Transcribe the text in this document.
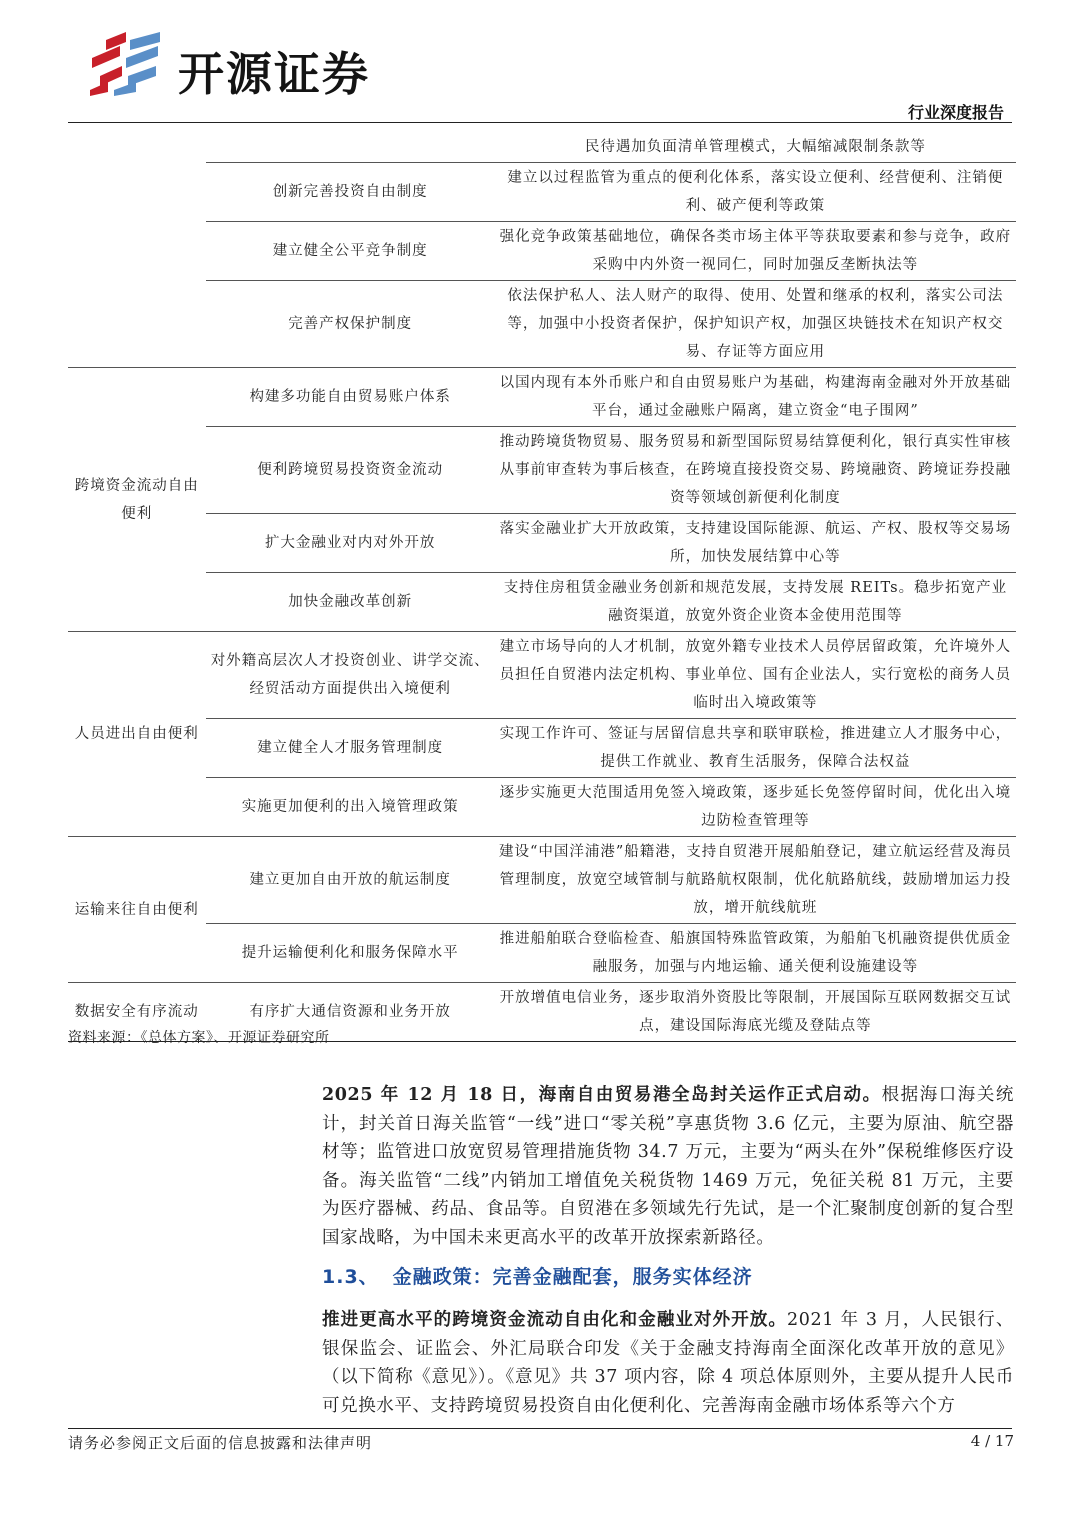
开源证券
行业深度报告
		民待遇加负面清单管理模式，大幅缩减限制条款等
	创新完善投资自由制度	建立以过程监管为重点的便利化体系，落实设立便利、经营便利、注销便利、破产便利等政策
	建立健全公平竞争制度	强化竞争政策基础地位，确保各类市场主体平等获取要素和参与竞争，政府采购中内外资一视同仁，同时加强反垄断执法等
	完善产权保护制度	依法保护私人、法人财产的取得、使用、处置和继承的权利，落实公司法等，加强中小投资者保护，保护知识产权，加强区块链技术在知识产权交易、存证等方面应用
跨境资金流动自由便利	构建多功能自由贸易账户体系	以国内现有本外币账户和自由贸易账户为基础，构建海南金融对外开放基础平台，通过金融账户隔离，建立资金“电子围网”
	便利跨境贸易投资资金流动	推动跨境货物贸易、服务贸易和新型国际贸易结算便利化，银行真实性审核从事前审查转为事后核查，在跨境直接投资交易、跨境融资、跨境证券投融资等领域创新便利化制度
	扩大金融业对内对外开放	落实金融业扩大开放政策，支持建设国际能源、航运、产权、股权等交易场所，加快发展结算中心等
	加快金融改革创新	支持住房租赁金融业务创新和规范发展，支持发展 REITs。稳步拓宽产业融资渠道，放宽外资企业资本金使用范围等
人员进出自由便利	对外籍高层次人才投资创业、讲学交流、经贸活动方面提供出入境便利	建立市场导向的人才机制，放宽外籍专业技术人员停居留政策，允许境外人员担任自贸港内法定机构、事业单位、国有企业法人，实行宽松的商务人员临时出入境政策等
	建立健全人才服务管理制度	实现工作许可、签证与居留信息共享和联审联检，推进建立人才服务中心，提供工作就业、教育生活服务，保障合法权益
	实施更加便利的出入境管理政策	逐步实施更大范围适用免签入境政策，逐步延长免签停留时间，优化出入境边防检查管理等
运输来往自由便利	建立更加自由开放的航运制度	建设“中国洋浦港”船籍港，支持自贸港开展船舶登记，建立航运经营及海员管理制度，放宽空域管制与航路航权限制，优化航路航线，鼓励增加运力投放，增开航线航班
	提升运输便利化和服务保障水平	推进船舶联合登临检查、船旗国特殊监管政策，为船舶飞机融资提供优质金融服务，加强与内地运输、通关便利设施建设等
数据安全有序流动	有序扩大通信资源和业务开放	开放增值电信业务，逐步取消外资股比等限制，开展国际互联网数据交互试点，建设国际海底光缆及登陆点等
资料来源：《总体方案》、开源证券研究所
2025 年 12 月 18 日，海南自由贸易港全岛封关运作正式启动。根据海口海关统计，封关首日海关监管“一线”进口“零关税”享惠货物 3.6 亿元，主要为原油、航空器材等；监管进口放宽贸易管理措施货物 34.7 万元，主要为“两头在外”保税维修医疗设备。海关监管“二线”内销加工增值免关税货物 1469 万元，免征关税 81 万元，主要为医疗器械、药品、食品等。自贸港在多领域先行先试，是一个汇聚制度创新的复合型国家战略，为中国未来更高水平的改革开放探索新路径。
1.3、 金融政策：完善金融配套，服务实体经济
推进更高水平的跨境资金流动自由化和金融业对外开放。2021 年 3 月，人民银行、银保监会、证监会、外汇局联合印发《关于金融支持海南全面深化改革开放的意见》（以下简称《意见》）。《意见》共 37 项内容，除 4 项总体原则外，主要从提升人民币可兑换水平、支持跨境贸易投资自由化便利化、完善海南金融市场体系等六个方
请务必参阅正文后面的信息披露和法律声明	4 / 17
